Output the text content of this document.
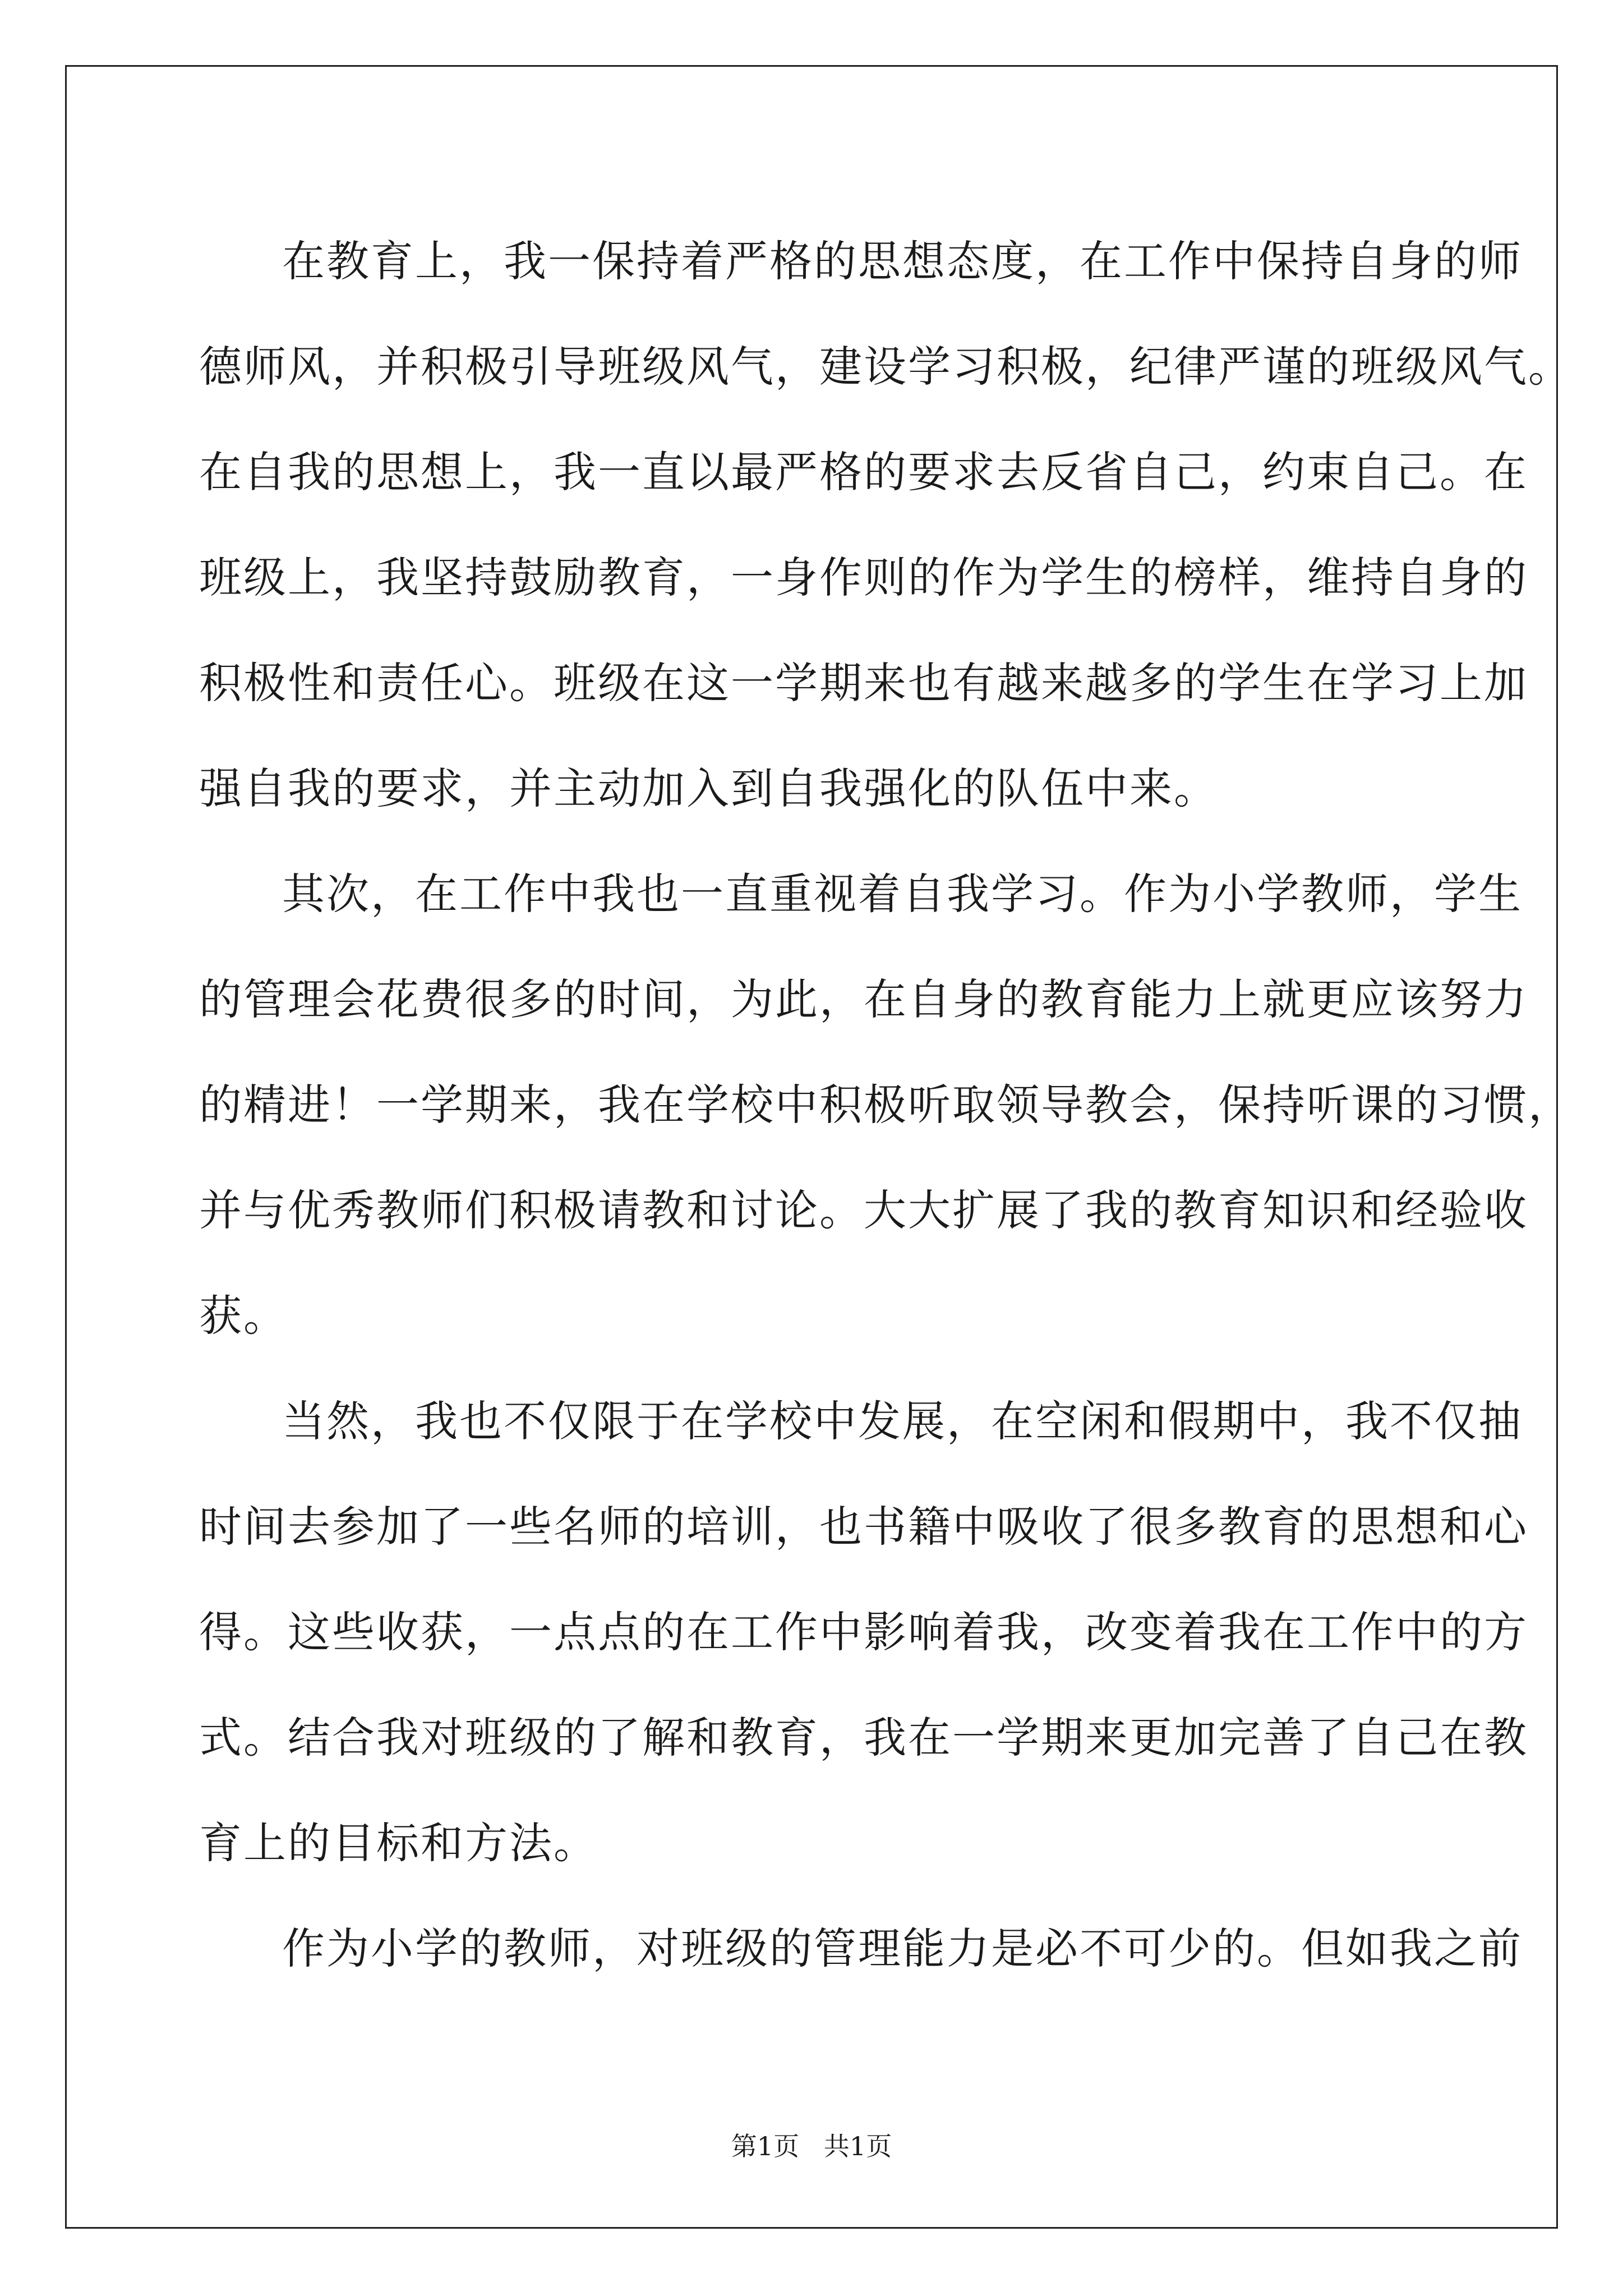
在教育上，我一保持着严格的思想态度，在工作中保持自身的师
德师风，并积极引导班级风气，建设学习积极，纪律严谨的班级风气。
在自我的思想上，我一直以最严格的要求去反省自己，约束自己。在
班级上，我坚持鼓励教育，一身作则的作为学生的榜样，维持自身的
积极性和责任心。班级在这一学期来也有越来越多的学生在学习上加
强自我的要求，并主动加入到自我强化的队伍中来。
其次，在工作中我也一直重视着自我学习。作为小学教师，学生
的管理会花费很多的时间，为此，在自身的教育能力上就更应该努力
的精进！一学期来，我在学校中积极听取领导教会，保持听课的习惯，
并与优秀教师们积极请教和讨论。大大扩展了我的教育知识和经验收
获。
当然，我也不仅限于在学校中发展，在空闲和假期中，我不仅抽
时间去参加了一些名师的培训，也书籍中吸收了很多教育的思想和心
得。这些收获，一点点的在工作中影响着我，改变着我在工作中的方
式。结合我对班级的了解和教育，我在一学期来更加完善了自己在教
育上的目标和方法。
作为小学的教师，对班级的管理能力是必不可少的。但如我之前
第1页   共1页
